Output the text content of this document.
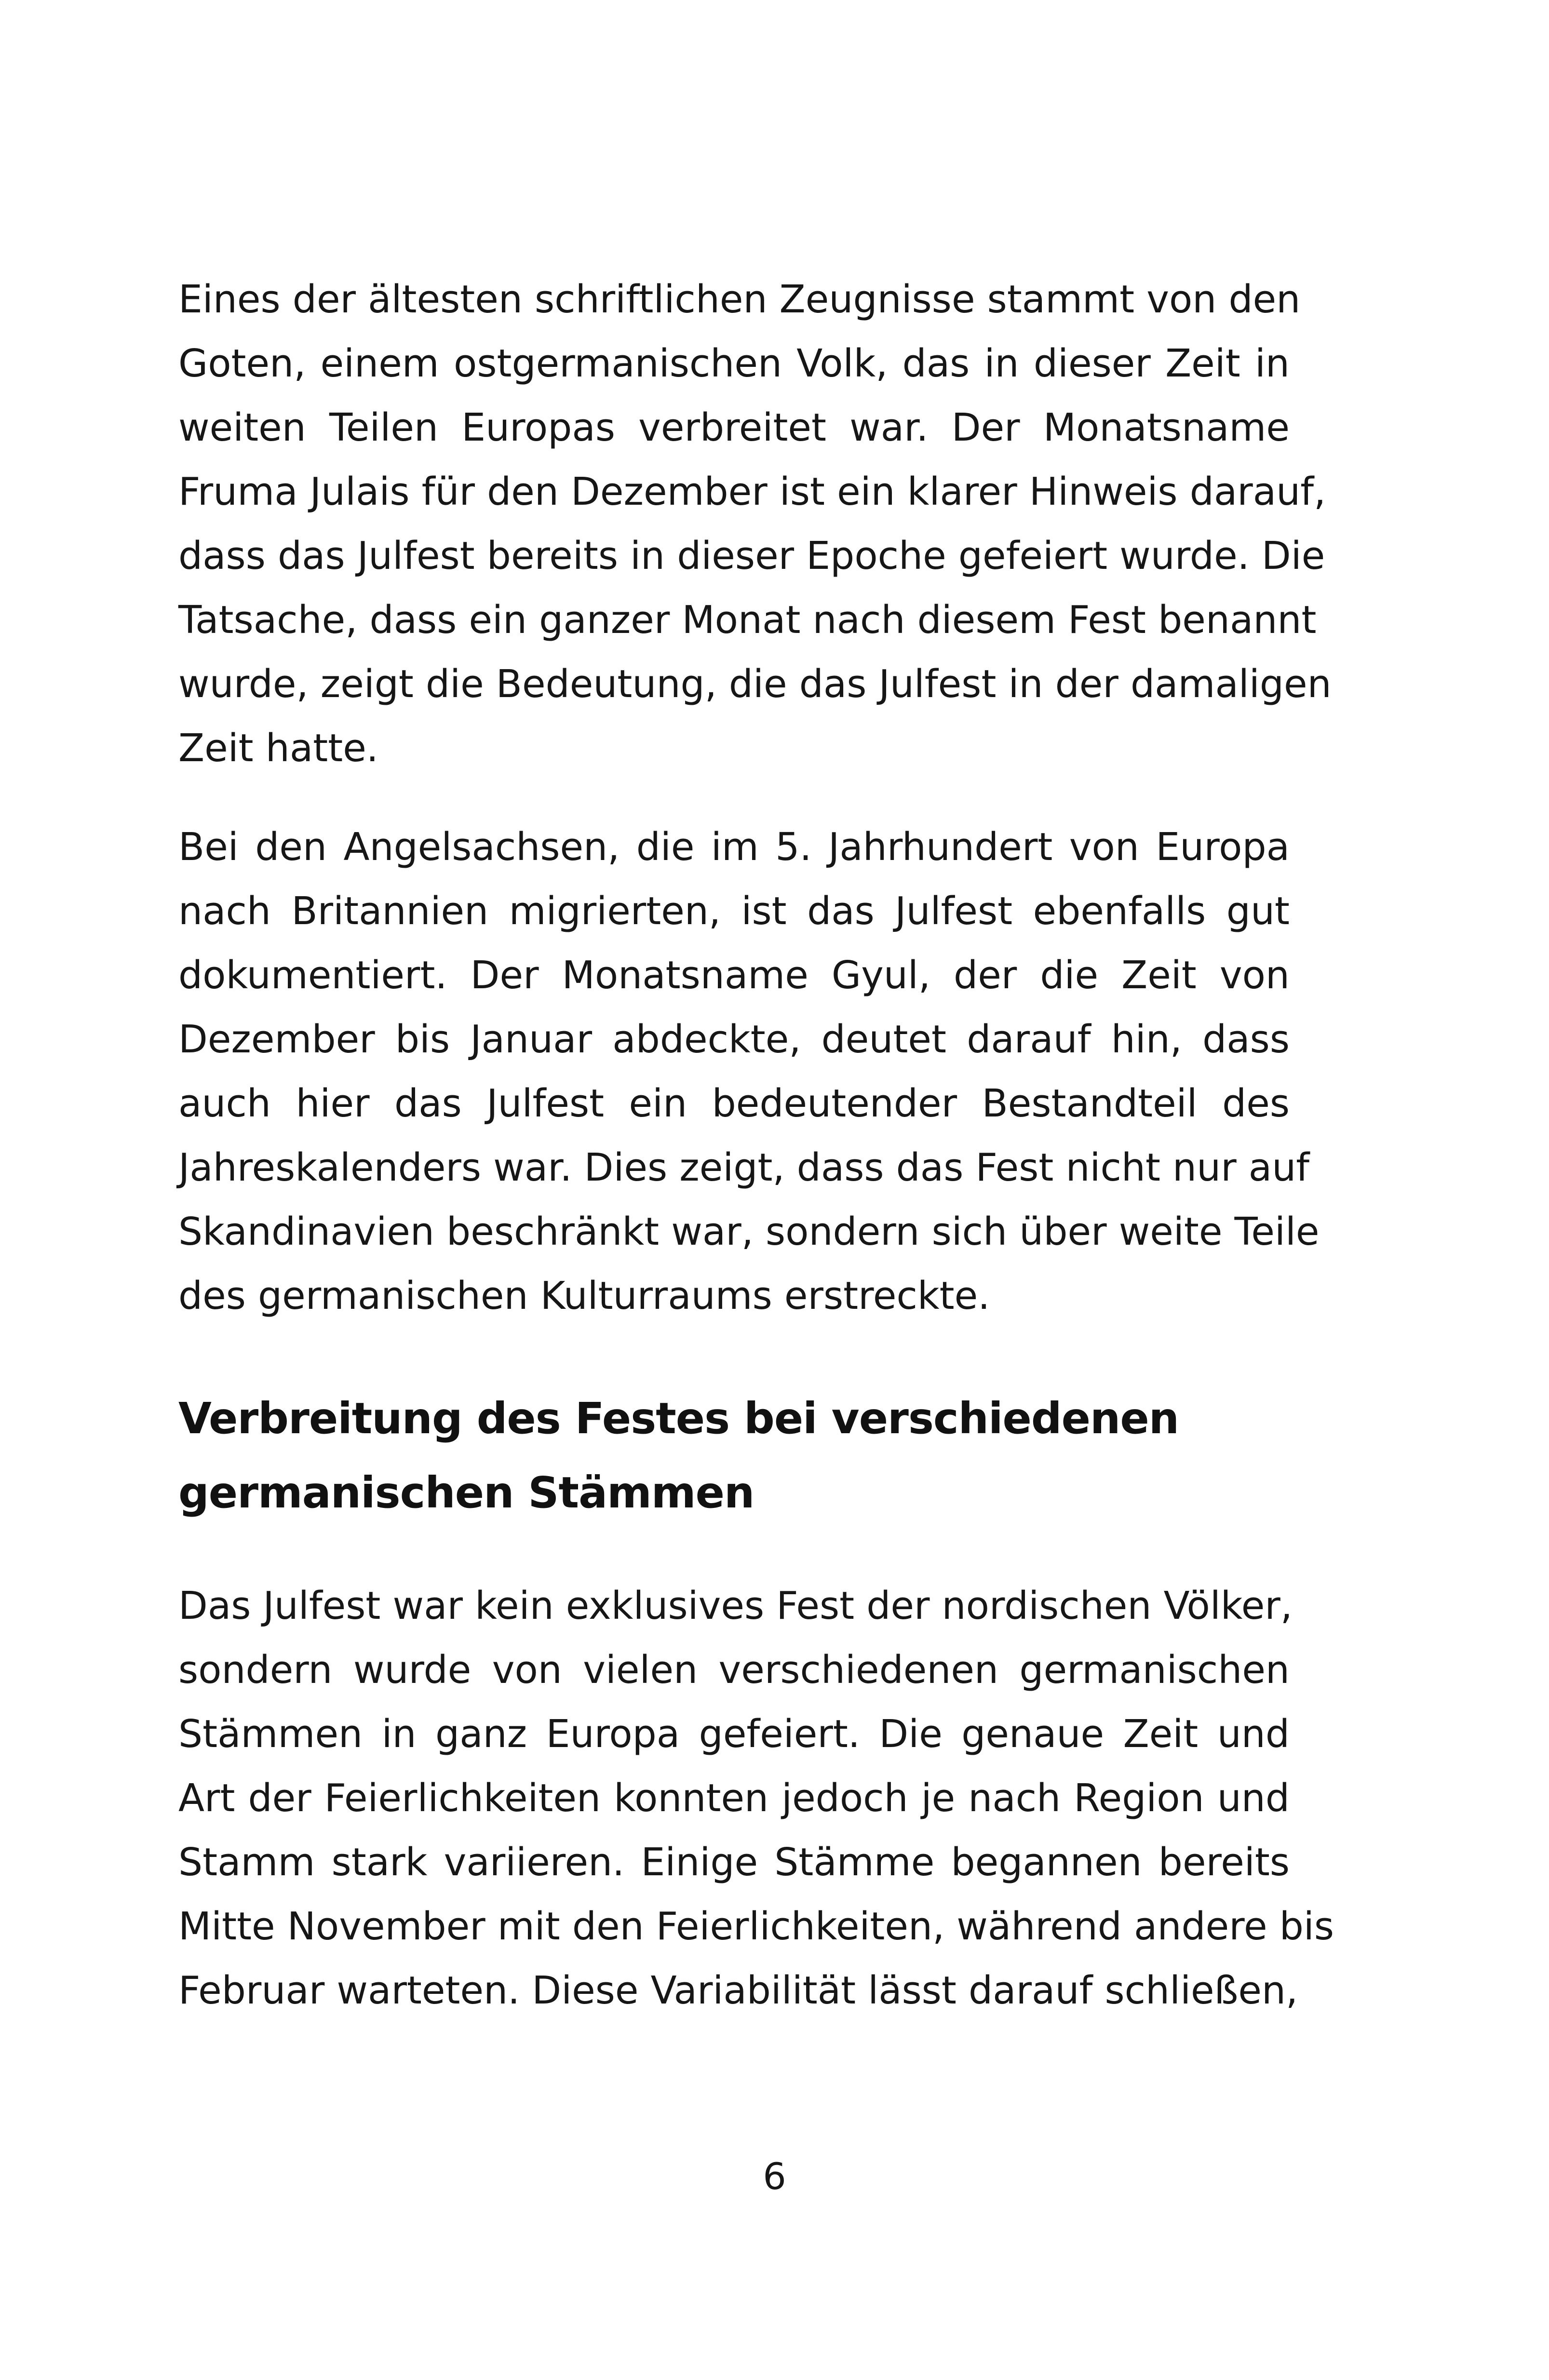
Eines der ältesten schriftlichen Zeugnisse stammt von den
Goten, einem ostgermanischen Volk, das in dieser Zeit in
weiten Teilen Europas verbreitet war. Der Monatsname
Fruma Julais für den Dezember ist ein klarer Hinweis darauf,
dass das Julfest bereits in dieser Epoche gefeiert wurde. Die
Tatsache, dass ein ganzer Monat nach diesem Fest benannt
wurde, zeigt die Bedeutung, die das Julfest in der damaligen
Zeit hatte.

Bei den Angelsachsen, die im 5. Jahrhundert von Europa
nach Britannien migrierten, ist das Julfest ebenfalls gut
dokumentiert. Der Monatsname Gyul, der die Zeit von
Dezember bis Januar abdeckte, deutet darauf hin, dass
auch hier das Julfest ein bedeutender Bestandteil des
Jahreskalenders war. Dies zeigt, dass das Fest nicht nur auf
Skandinavien beschränkt war, sondern sich über weite Teile
des germanischen Kulturraums erstreckte.

Verbreitung des Festes bei verschiedenen
germanischen Stämmen

Das Julfest war kein exklusives Fest der nordischen Völker,
sondern wurde von vielen verschiedenen germanischen
Stämmen in ganz Europa gefeiert. Die genaue Zeit und
Art der Feierlichkeiten konnten jedoch je nach Region und
Stamm stark variieren. Einige Stämme begannen bereits
Mitte November mit den Feierlichkeiten, während andere bis
Februar warteten. Diese Variabilität lässt darauf schließen,

6
